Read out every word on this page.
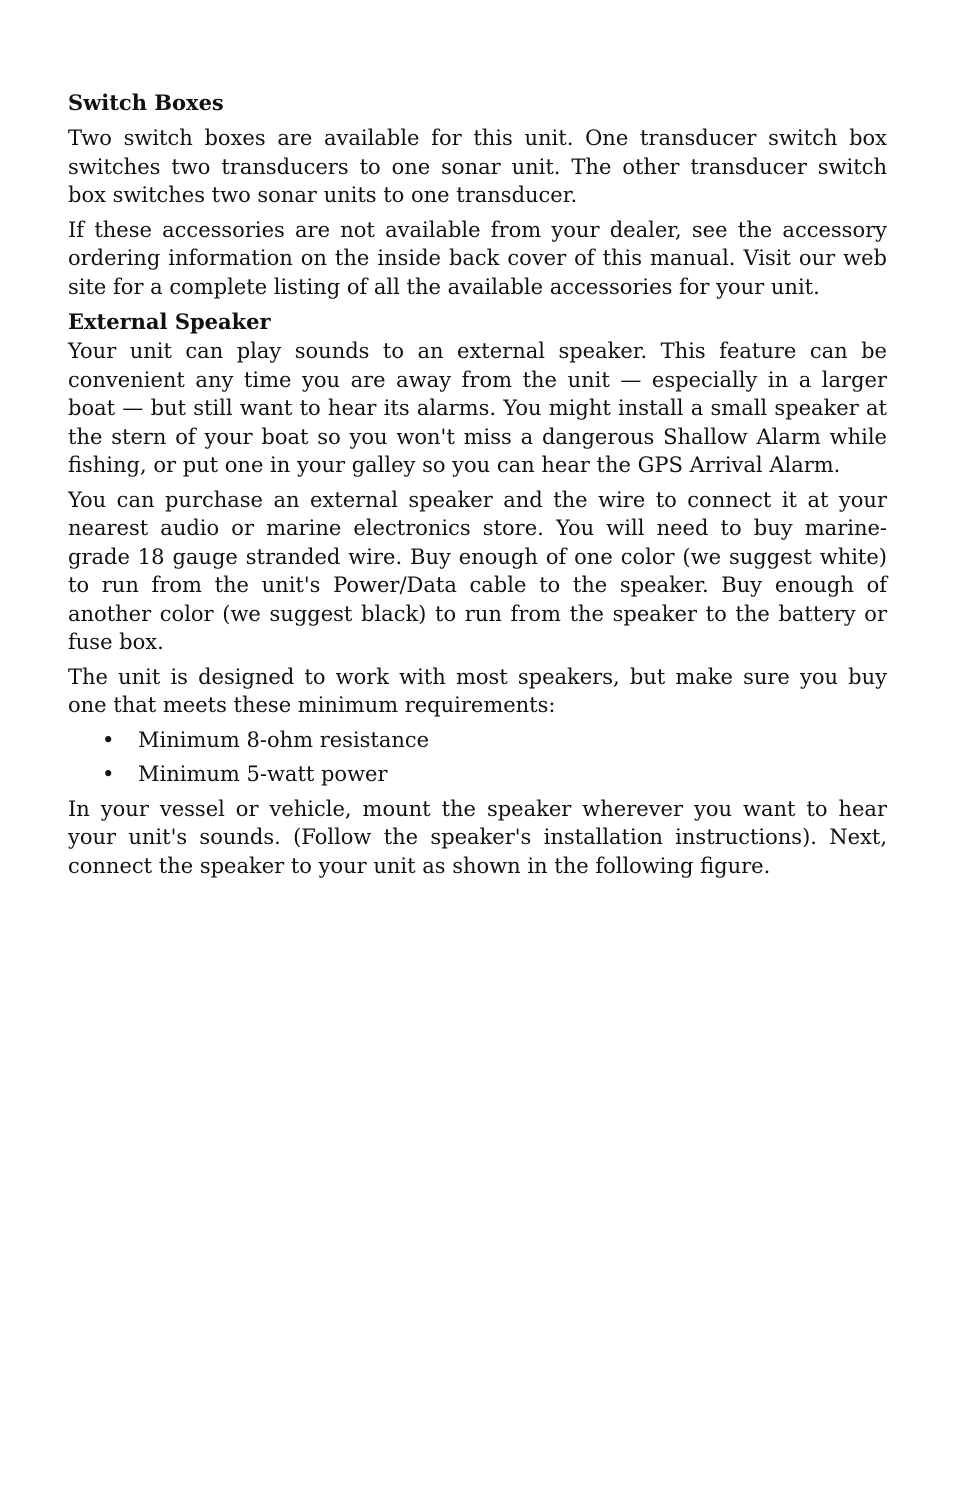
Switch Boxes

Two switch boxes are available for this unit. One transducer switch box switches two transducers to one sonar unit. The other transducer switch box switches two sonar units to one transducer.

If these accessories are not available from your dealer, see the accessory ordering information on the inside back cover of this manual. Visit our web site for a complete listing of all the available accessories for your unit.

External Speaker

Your unit can play sounds to an external speaker. This feature can be convenient any time you are away from the unit — especially in a larger boat — but still want to hear its alarms. You might install a small speaker at the stern of your boat so you won't miss a dangerous Shallow Alarm while fishing, or put one in your galley so you can hear the GPS Arrival Alarm.

You can purchase an external speaker and the wire to connect it at your nearest audio or marine electronics store. You will need to buy marine-grade 18 gauge stranded wire. Buy enough of one color (we suggest white) to run from the unit's Power/Data cable to the speaker. Buy enough of another color (we suggest black) to run from the speaker to the battery or fuse box.

The unit is designed to work with most speakers, but make sure you buy one that meets these minimum requirements:

• Minimum 8-ohm resistance
• Minimum 5-watt power

In your vessel or vehicle, mount the speaker wherever you want to hear your unit's sounds. (Follow the speaker's installation instructions). Next, connect the speaker to your unit as shown in the following figure.
